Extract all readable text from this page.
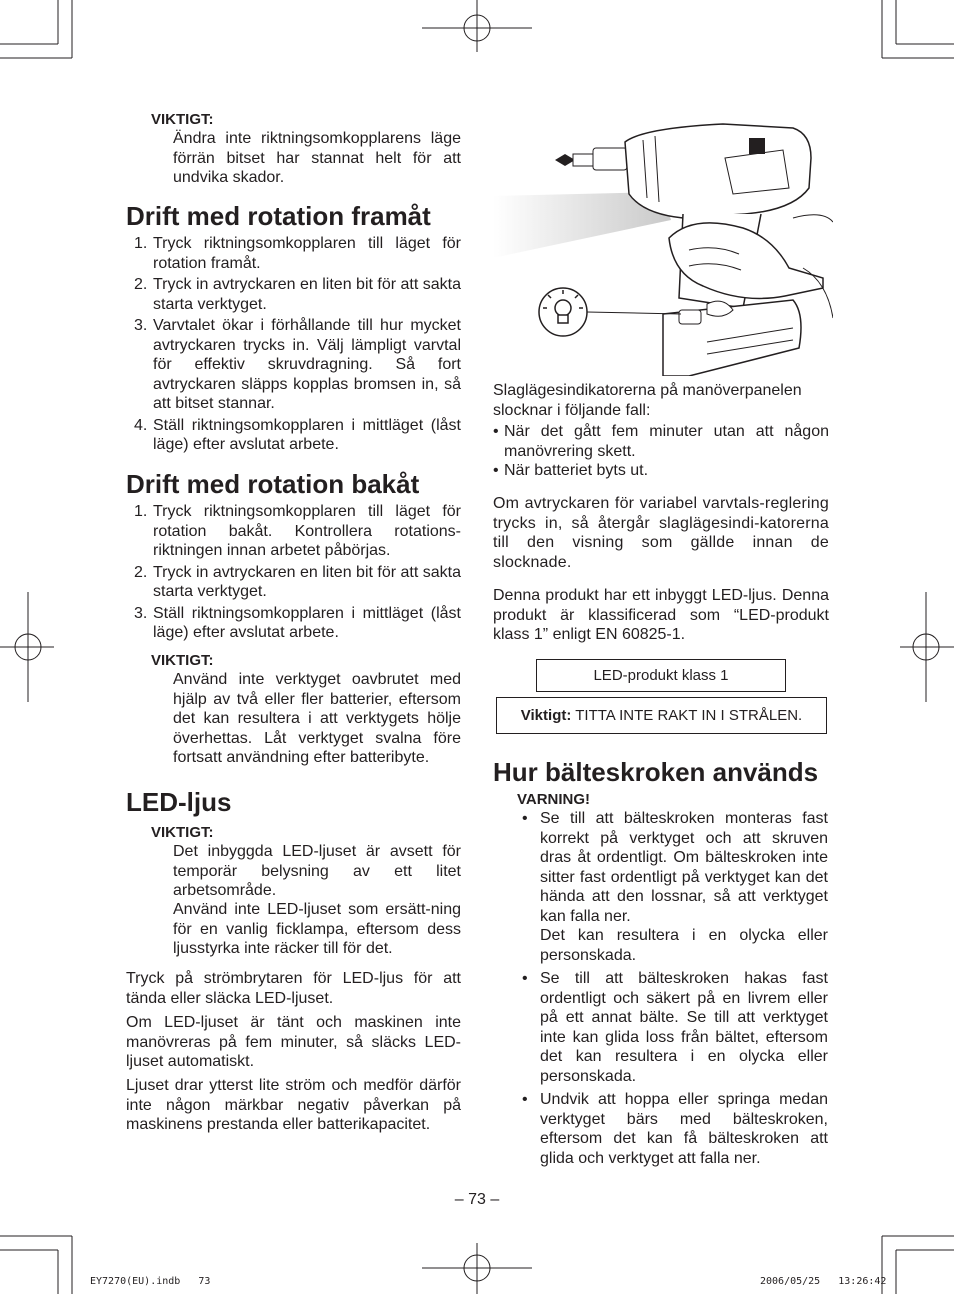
VIKTIGT:
Ändra inte riktningsomkopplarens läge förrän bitset har stannat helt för att undvika skador.
Drift med rotation framåt
1. Tryck riktningsomkopplaren till läget för rotation framåt.
2. Tryck in avtryckaren en liten bit för att sakta starta verktyget.
3. Varvtalet ökar i förhållande till hur mycket avtryckaren trycks in. Välj lämpligt varvtal för effektiv skruvdragning. Så fort avtryckaren släpps kopplas bromsen in, så att bitset stannar.
4. Ställ riktningsomkopplaren i mittläget (låst läge) efter avslutat arbete.
Drift med rotation bakåt
1. Tryck riktningsomkopplaren till läget för rotation bakåt. Kontrollera rotations-riktningen innan arbetet påbörjas.
2. Tryck in avtryckaren en liten bit för att sakta starta verktyget.
3. Ställ riktningsomkopplaren i mittläget (låst läge) efter avslutat arbete.
VIKTIGT:
Använd inte verktyget oavbrutet med hjälp av två eller fler batterier, eftersom det kan resultera i att verktygets hölje överhettas. Låt verktyget svalna före fortsatt användning efter batteribyte.
LED-ljus
VIKTIGT:
Det inbyggda LED-ljuset är avsett för temporär belysning av ett litet arbetsområde.
Använd inte LED-ljuset som ersätt-ning för en vanlig ficklampa, eftersom dess ljusstyrka inte räcker till för det.
Tryck på strömbrytaren för LED-ljus för att tända eller släcka LED-ljuset.
Om LED-ljuset är tänt och maskinen inte manövreras på fem minuter, så släcks LED-ljuset automatiskt.
Ljuset drar ytterst lite ström och medför därför inte någon märkbar negativ påverkan på maskinens prestanda eller batterikapacitet.
Slaglägesindikatorerna på manöverpanelen slocknar i följande fall:
• När det gått fem minuter utan att någon manövrering skett.
• När batteriet byts ut.
Om avtryckaren för variabel varvtals-reglering trycks in, så återgår slaglägesindi-katorerna till den visning som gällde innan de slocknade.
Denna produkt har ett inbyggt LED-ljus. Denna produkt är klassificerad som “LED-produkt klass 1” enligt EN 60825-1.
LED-produkt klass 1
Viktigt: TITTA INTE RAKT IN I STRÅLEN.
Hur bälteskroken används
VARNING!
• Se till att bälteskroken monteras fast korrekt på verktyget och att skruven dras åt ordentligt. Om bälteskroken inte sitter fast ordentligt på verktyget kan det hända att den lossnar, så att verktyget kan falla ner.
Det kan resultera i en olycka eller personskada.
• Se till att bälteskroken hakas fast ordentligt och säkert på en livrem eller på ett annat bälte. Se till att verktyget inte kan glida loss från bältet, eftersom det kan resultera i en olycka eller personskada.
• Undvik att hoppa eller springa medan verktyget bärs med bälteskroken, eftersom det kan få bälteskroken att glida och verktyget att falla ner.
– 73 –
EY7270(EU).indb   73	2006/05/25   13:26:42
